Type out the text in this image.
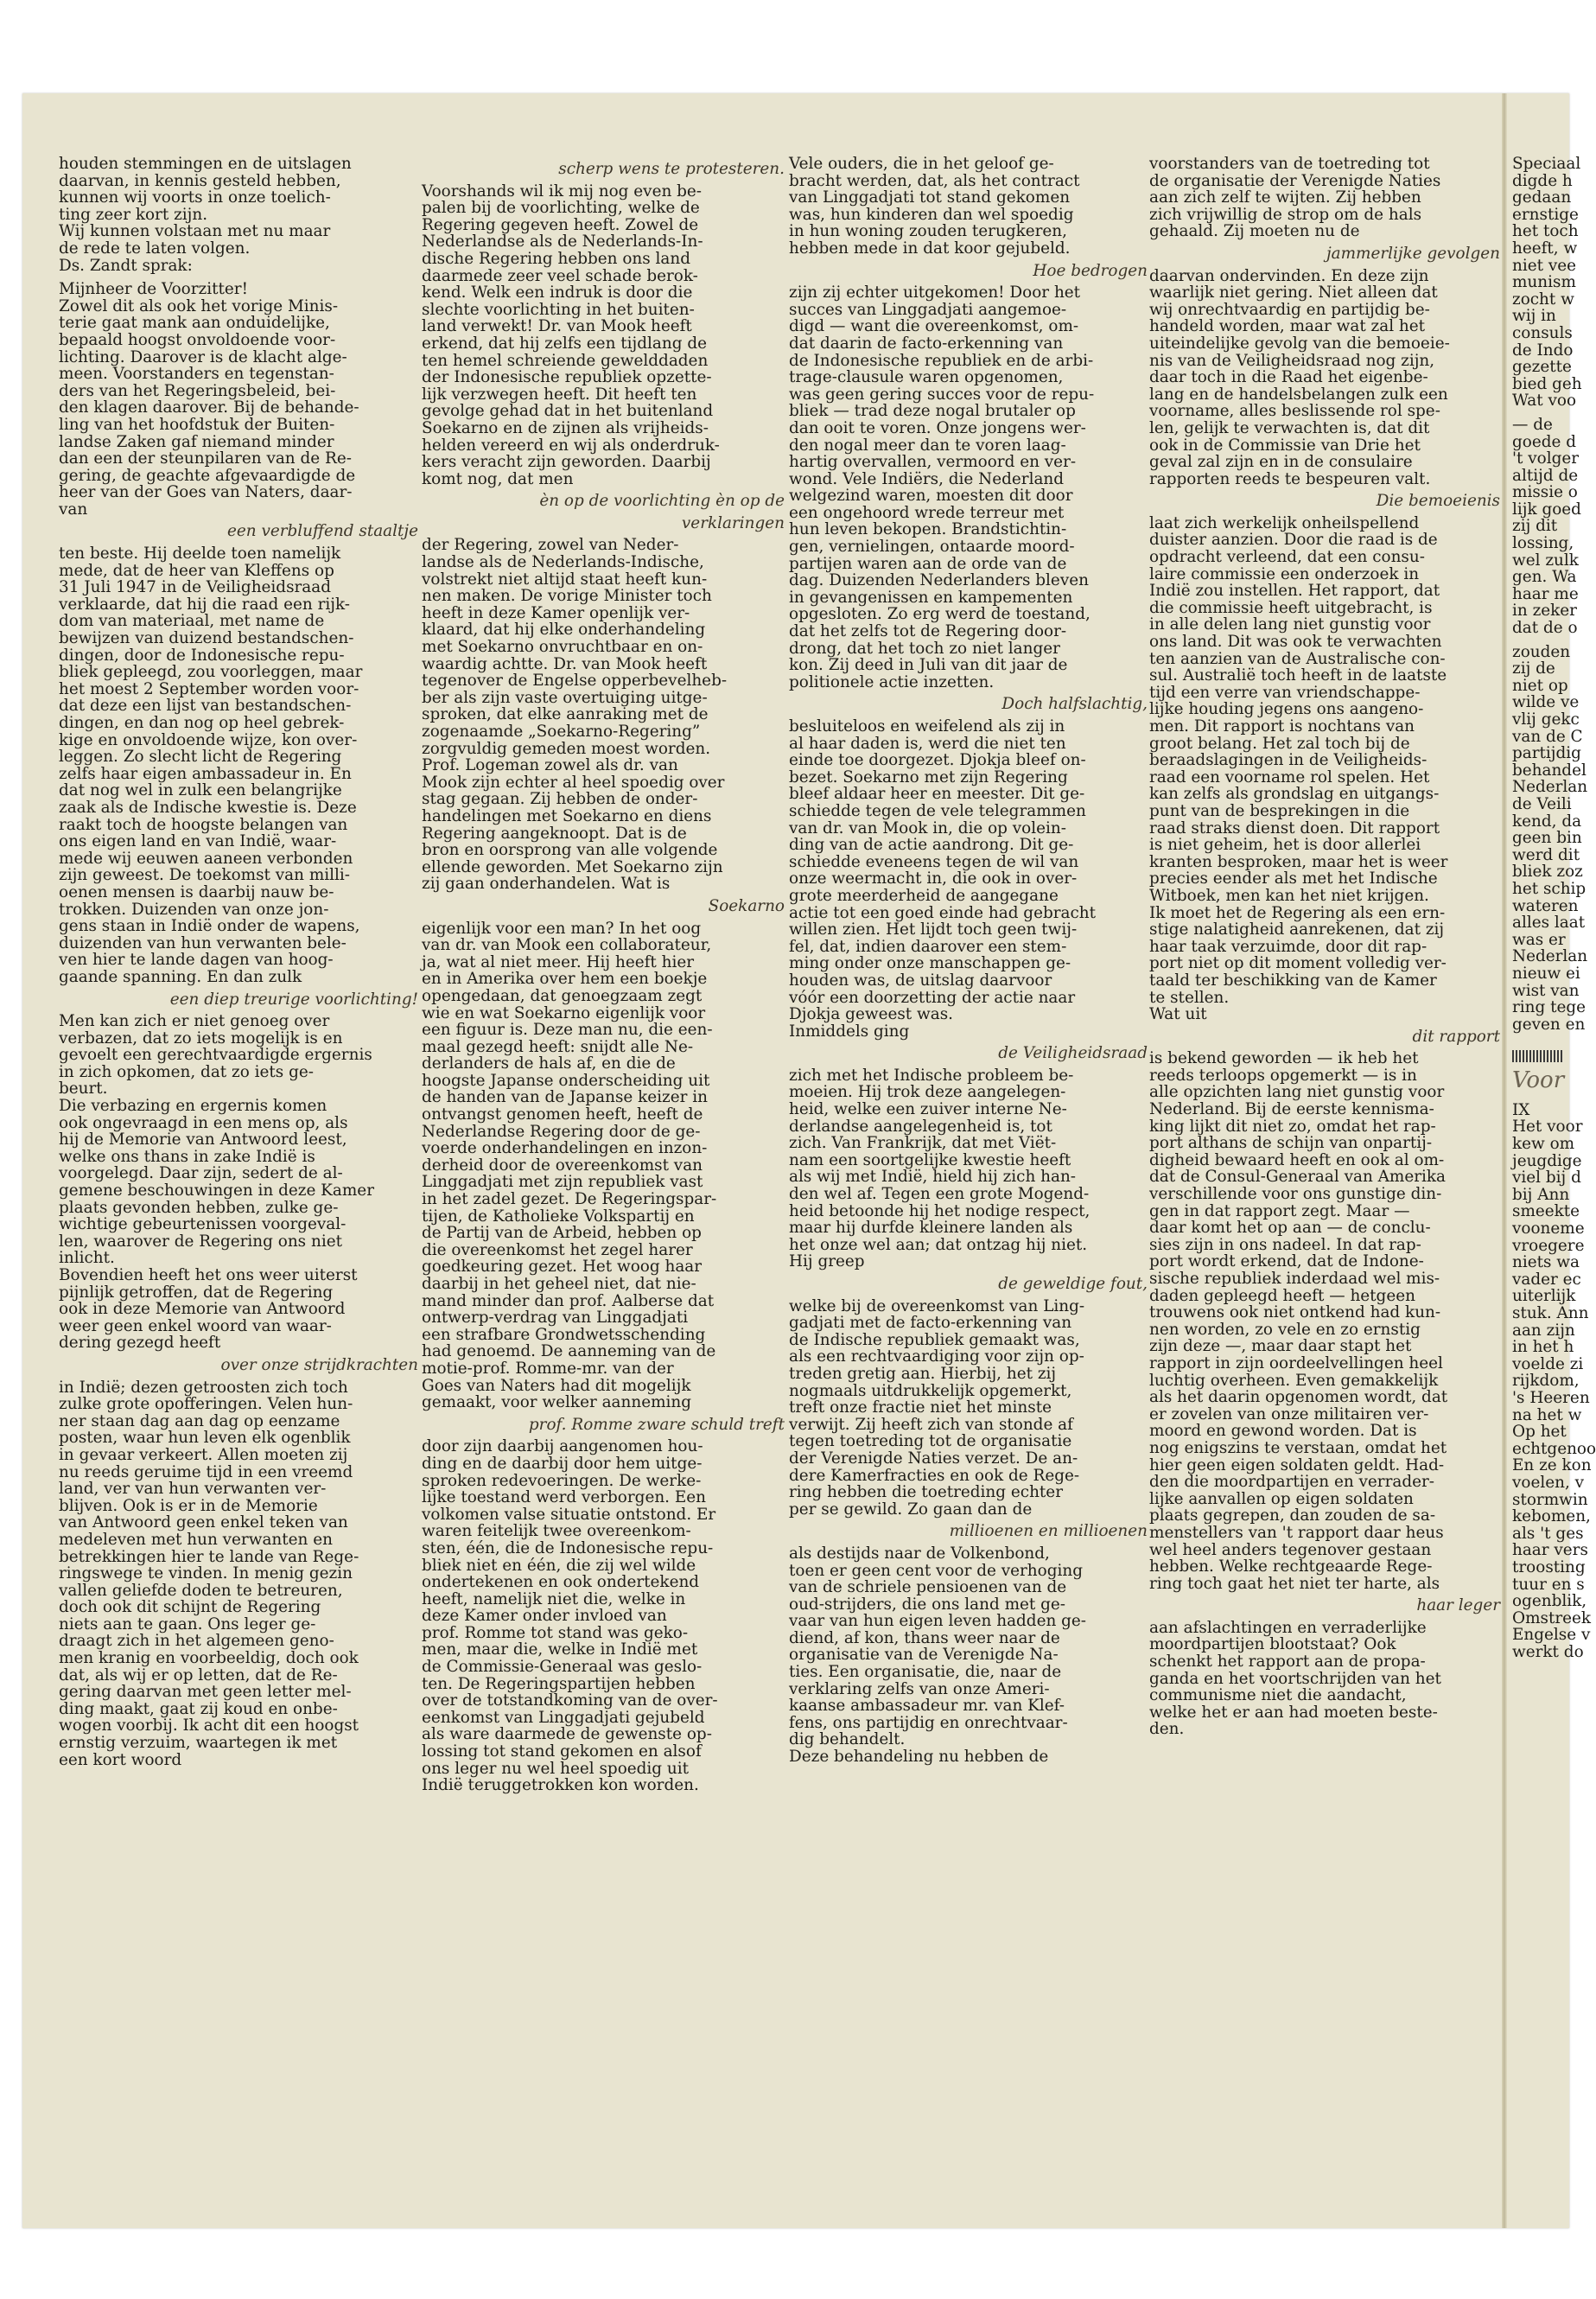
houden stemmingen en de uitslagen
daarvan, in kennis gesteld hebben,
kunnen wij voorts in onze toelich-
ting zeer kort zijn.
Wij kunnen volstaan met nu maar
de rede te laten volgen.
Ds. Zandt sprak:
Mijnheer de Voorzitter!
Zowel dit als ook het vorige Minis-
terie gaat mank aan onduidelijke,
bepaald hoogst onvoldoende voor-
lichting. Daarover is de klacht alge-
meen. Voorstanders en tegenstan-
ders van het Regeringsbeleid, bei-
den klagen daarover. Bij de behande-
ling van het hoofdstuk der Buiten-
landse Zaken gaf niemand minder
dan een der steunpilaren van de Re-
gering, de geachte afgevaardigde de
heer van der Goes van Naters, daar-
van
een verbluffend staaltje
ten beste. Hij deelde toen namelijk
mede, dat de heer van Kleffens op
31 Juli 1947 in de Veiligheidsraad
verklaarde, dat hij die raad een rijk-
dom van materiaal, met name de
bewijzen van duizend bestandschen-
dingen, door de Indonesische repu-
bliek gepleegd, zou voorleggen, maar
het moest 2 September worden voor-
dat deze een lijst van bestandschen-
dingen, en dan nog op heel gebrek-
kige en onvoldoende wijze, kon over-
leggen. Zo slecht licht de Regering
zelfs haar eigen ambassadeur in. En
dat nog wel in zulk een belangrijke
zaak als de Indische kwestie is. Deze
raakt toch de hoogste belangen van
ons eigen land en van Indië, waar-
mede wij eeuwen aaneen verbonden
zijn geweest. De toekomst van milli-
oenen mensen is daarbij nauw be-
trokken. Duizenden van onze jon-
gens staan in Indië onder de wapens,
duizenden van hun verwanten bele-
ven hier te lande dagen van hoog-
gaande spanning. En dan zulk
een diep treurige voorlichting!
Men kan zich er niet genoeg over
verbazen, dat zo iets mogelijk is en
gevoelt een gerechtvaardigde ergernis
in zich opkomen, dat zo iets ge-
beurt.
Die verbazing en ergernis komen
ook ongevraagd in een mens op, als
hij de Memorie van Antwoord leest,
welke ons thans in zake Indië is
voorgelegd. Daar zijn, sedert de al-
gemene beschouwingen in deze Kamer
plaats gevonden hebben, zulke ge-
wichtige gebeurtenissen voorgeval-
len, waarover de Regering ons niet
inlicht.
Bovendien heeft het ons weer uiterst
pijnlijk getroffen, dat de Regering
ook in deze Memorie van Antwoord
weer geen enkel woord van waar-
dering gezegd heeft
over onze strijdkrachten
in Indië; dezen getroosten zich toch
zulke grote opofferingen. Velen hun-
ner staan dag aan dag op eenzame
posten, waar hun leven elk ogenblik
in gevaar verkeert. Allen moeten zij
nu reeds geruime tijd in een vreemd
land, ver van hun verwanten ver-
blijven. Ook is er in de Memorie
van Antwoord geen enkel teken van
medeleven met hun verwanten en
betrekkingen hier te lande van Rege-
ringswege te vinden. In menig gezin
vallen geliefde doden te betreuren,
doch ook dit schijnt de Regering
niets aan te gaan. Ons leger ge-
draagt zich in het algemeen geno-
men kranig en voorbeeldig, doch ook
dat, als wij er op letten, dat de Re-
gering daarvan met geen letter mel-
ding maakt, gaat zij koud en onbe-
wogen voorbij. Ik acht dit een hoogst
ernstig verzuim, waartegen ik met
een kort woord
scherp wens te protesteren.
Voorshands wil ik mij nog even be-
palen bij de voorlichting, welke de
Regering gegeven heeft. Zowel de
Nederlandse als de Nederlands-In-
dische Regering hebben ons land
daarmede zeer veel schade berok-
kend. Welk een indruk is door die
slechte voorlichting in het buiten-
land verwekt! Dr. van Mook heeft
erkend, dat hij zelfs een tijdlang de
ten hemel schreiende gewelddaden
der Indonesische republiek opzette-
lijk verzwegen heeft. Dit heeft ten
gevolge gehad dat in het buitenland
Soekarno en de zijnen als vrijheids-
helden vereerd en wij als onderdruk-
kers veracht zijn geworden. Daarbij
komt nog, dat men
èn op de voorlichting èn op de
verklaringen
der Regering, zowel van Neder-
landse als de Nederlands-Indische,
volstrekt niet altijd staat heeft kun-
nen maken. De vorige Minister toch
heeft in deze Kamer openlijk ver-
klaard, dat hij elke onderhandeling
met Soekarno onvruchtbaar en on-
waardig achtte. Dr. van Mook heeft
tegenover de Engelse opperbevelheb-
ber als zijn vaste overtuiging uitge-
sproken, dat elke aanraking met de
zogenaamde „Soekarno-Regering”
zorgvuldig gemeden moest worden.
Prof. Logeman zowel als dr. van
Mook zijn echter al heel spoedig over
stag gegaan. Zij hebben de onder-
handelingen met Soekarno en diens
Regering aangeknoopt. Dat is de
bron en oorsprong van alle volgende
ellende geworden. Met Soekarno zijn
zij gaan onderhandelen. Wat is
Soekarno
eigenlijk voor een man? In het oog
van dr. van Mook een collaborateur,
ja, wat al niet meer. Hij heeft hier
en in Amerika over hem een boekje
opengedaan, dat genoegzaam zegt
wie en wat Soekarno eigenlijk voor
een figuur is. Deze man nu, die een-
maal gezegd heeft: snijdt alle Ne-
derlanders de hals af, en die de
hoogste Japanse onderscheiding uit
de handen van de Japanse keizer in
ontvangst genomen heeft, heeft de
Nederlandse Regering door de ge-
voerde onderhandelingen en inzon-
derheid door de overeenkomst van
Linggadjati met zijn republiek vast
in het zadel gezet. De Regeringspar-
tijen, de Katholieke Volkspartij en
de Partij van de Arbeid, hebben op
die overeenkomst het zegel harer
goedkeuring gezet. Het woog haar
daarbij in het geheel niet, dat nie-
mand minder dan prof. Aalberse dat
ontwerp-verdrag van Linggadjati
een strafbare Grondwetsschending
had genoemd. De aanneming van de
motie-prof. Romme-mr. van der
Goes van Naters had dit mogelijk
gemaakt, voor welker aanneming
prof. Romme zware schuld treft
door zijn daarbij aangenomen hou-
ding en de daarbij door hem uitge-
sproken redevoeringen. De werke-
lijke toestand werd verborgen. Een
volkomen valse situatie ontstond. Er
waren feitelijk twee overeenkom-
sten, één, die de Indonesische repu-
bliek niet en één, die zij wel wilde
ondertekenen en ook ondertekend
heeft, namelijk niet die, welke in
deze Kamer onder invloed van
prof. Romme tot stand was geko-
men, maar die, welke in Indië met
de Commissie-Generaal was geslo-
ten. De Regeringspartijen hebben
over de totstandkoming van de over-
eenkomst van Linggadjati gejubeld
als ware daarmede de gewenste op-
lossing tot stand gekomen en alsof
ons leger nu wel heel spoedig uit
Indië teruggetrokken kon worden.
Vele ouders, die in het geloof ge-
bracht werden, dat, als het contract
van Linggadjati tot stand gekomen
was, hun kinderen dan wel spoedig
in hun woning zouden terugkeren,
hebben mede in dat koor gejubeld.
Hoe bedrogen
zijn zij echter uitgekomen! Door het
succes van Linggadjati aangemoe-
digd — want die overeenkomst, om-
dat daarin de facto-erkenning van
de Indonesische republiek en de arbi-
trage-clausule waren opgenomen,
was geen gering succes voor de repu-
bliek — trad deze nogal brutaler op
dan ooit te voren. Onze jongens wer-
den nogal meer dan te voren laag-
hartig overvallen, vermoord en ver-
wond. Vele Indiërs, die Nederland
welgezind waren, moesten dit door
een ongehoord wrede terreur met
hun leven bekopen. Brandstichtin-
gen, vernielingen, ontaarde moord-
partijen waren aan de orde van de
dag. Duizenden Nederlanders bleven
in gevangenissen en kampementen
opgesloten. Zo erg werd de toestand,
dat het zelfs tot de Regering door-
drong, dat het toch zo niet langer
kon. Zij deed in Juli van dit jaar de
politionele actie inzetten.
Doch halfslachtig,
besluiteloos en weifelend als zij in
al haar daden is, werd die niet ten
einde toe doorgezet. Djokja bleef on-
bezet. Soekarno met zijn Regering
bleef aldaar heer en meester. Dit ge-
schiedde tegen de vele telegrammen
van dr. van Mook in, die op volein-
ding van de actie aandrong. Dit ge-
schiedde eveneens tegen de wil van
onze weermacht in, die ook in over-
grote meerderheid de aangegane
actie tot een goed einde had gebracht
willen zien. Het lijdt toch geen twij-
fel, dat, indien daarover een stem-
ming onder onze manschappen ge-
houden was, de uitslag daarvoor
vóór een doorzetting der actie naar
Djokja geweest was.
Inmiddels ging
de Veiligheidsraad
zich met het Indische probleem be-
moeien. Hij trok deze aangelegen-
heid, welke een zuiver interne Ne-
derlandse aangelegenheid is, tot
zich. Van Frankrijk, dat met Viët-
nam een soortgelijke kwestie heeft
als wij met Indië, hield hij zich han-
den wel af. Tegen een grote Mogend-
heid betoonde hij het nodige respect,
maar hij durfde kleinere landen als
het onze wel aan; dat ontzag hij niet.
Hij greep
de geweldige fout,
welke bij de overeenkomst van Ling-
gadjati met de facto-erkenning van
de Indische republiek gemaakt was,
als een rechtvaardiging voor zijn op-
treden gretig aan. Hierbij, het zij
nogmaals uitdrukkelijk opgemerkt,
treft onze fractie niet het minste
verwijt. Zij heeft zich van stonde af
tegen toetreding tot de organisatie
der Verenigde Naties verzet. De an-
dere Kamerfracties en ook de Rege-
ring hebben die toetreding echter
per se gewild. Zo gaan dan de
millioenen en millioenen
als destijds naar de Volkenbond,
toen er geen cent voor de verhoging
van de schriele pensioenen van de
oud-strijders, die ons land met ge-
vaar van hun eigen leven hadden ge-
diend, af kon, thans weer naar de
organisatie van de Verenigde Na-
ties. Een organisatie, die, naar de
verklaring zelfs van onze Ameri-
kaanse ambassadeur mr. van Klef-
fens, ons partijdig en onrechtvaar-
dig behandelt.
Deze behandeling nu hebben de
voorstanders van de toetreding tot
de organisatie der Verenigde Naties
aan zich zelf te wijten. Zij hebben
zich vrijwillig de strop om de hals
gehaald. Zij moeten nu de
jammerlijke gevolgen
daarvan ondervinden. En deze zijn
waarlijk niet gering. Niet alleen dat
wij onrechtvaardig en partijdig be-
handeld worden, maar wat zal het
uiteindelijke gevolg van die bemoeie-
nis van de Veiligheidsraad nog zijn,
daar toch in die Raad het eigenbe-
lang en de handelsbelangen zulk een
voorname, alles beslissende rol spe-
len, gelijk te verwachten is, dat dit
ook in de Commissie van Drie het
geval zal zijn en in de consulaire
rapporten reeds te bespeuren valt.
Die bemoeienis
laat zich werkelijk onheilspellend
duister aanzien. Door die raad is de
opdracht verleend, dat een consu-
laire commissie een onderzoek in
Indië zou instellen. Het rapport, dat
die commissie heeft uitgebracht, is
in alle delen lang niet gunstig voor
ons land. Dit was ook te verwachten
ten aanzien van de Australische con-
sul. Australië toch heeft in de laatste
tijd een verre van vriendschappe-
lijke houding jegens ons aangeno-
men. Dit rapport is nochtans van
groot belang. Het zal toch bij de
beraadslagingen in de Veiligheids-
raad een voorname rol spelen. Het
kan zelfs als grondslag en uitgangs-
punt van de besprekingen in die
raad straks dienst doen. Dit rapport
is niet geheim, het is door allerlei
kranten besproken, maar het is weer
precies eender als met het Indische
Witboek, men kan het niet krijgen.
Ik moet het de Regering als een ern-
stige nalatigheid aanrekenen, dat zij
haar taak verzuimde, door dit rap-
port niet op dit moment volledig ver-
taald ter beschikking van de Kamer
te stellen.
Wat uit
dit rapport
is bekend geworden — ik heb het
reeds terloops opgemerkt — is in
alle opzichten lang niet gunstig voor
Nederland. Bij de eerste kennisma-
king lijkt dit niet zo, omdat het rap-
port althans de schijn van onpartij-
digheid bewaard heeft en ook al om-
dat de Consul-Generaal van Amerika
verschillende voor ons gunstige din-
gen in dat rapport zegt. Maar —
daar komt het op aan — de conclu-
sies zijn in ons nadeel. In dat rap-
port wordt erkend, dat de Indone-
sische republiek inderdaad wel mis-
daden gepleegd heeft — hetgeen
trouwens ook niet ontkend had kun-
nen worden, zo vele en zo ernstig
zijn deze —, maar daar stapt het
rapport in zijn oordeelvellingen heel
luchtig overheen. Even gemakkelijk
als het daarin opgenomen wordt, dat
er zovelen van onze militairen ver-
moord en gewond worden. Dat is
nog enigszins te verstaan, omdat het
hier geen eigen soldaten geldt. Had-
den die moordpartijen en verrader-
lijke aanvallen op eigen soldaten
plaats gegrepen, dan zouden de sa-
menstellers van 't rapport daar heus
wel heel anders tegenover gestaan
hebben. Welke rechtgeaarde Rege-
ring toch gaat het niet ter harte, als
haar leger
aan afslachtingen en verraderlijke
moordpartijen blootstaat? Ook
schenkt het rapport aan de propa-
ganda en het voortschrijden van het
communisme niet die aandacht,
welke het er aan had moeten beste-
den.
Speciaal
digde h
gedaan
ernstige
het toch
heeft, w
niet vee
munism
zocht w
wij in
consuls
de Indo
gezette
bied geh
Wat voo
— de
goede d
't volger
altijd de
missie o
lijk goed
zij dit
lossing,
wel zulk
gen. Wa
haar me
in zeker
dat de o
zouden
zij de
niet op
wilde ve
vlij gekc
van de C
partijdig
behandel
Nederlan
de Veili
kend, da
geen bin
werd dit
bliek zoz
het schip
wateren
alles laat
was er
Nederlan
nieuw ei
wist van
ring tege
geven en
Voor
IX
Het voor
kew om
jeugdige
viel bij d
bij Ann
smeekte
vooneme
vroegere
niets wa
vader ec
uiterlijk
stuk. Ann
aan zijn
in het h
voelde zi
rijkdom,
's Heeren
na het w
Op het
echtgenoo
En ze kon
voelen, v
stormwin
kebomen,
als 't ges
haar vers
troosting
tuur en s
ogenblik,
Omstreek
Engelse v
werkt do
